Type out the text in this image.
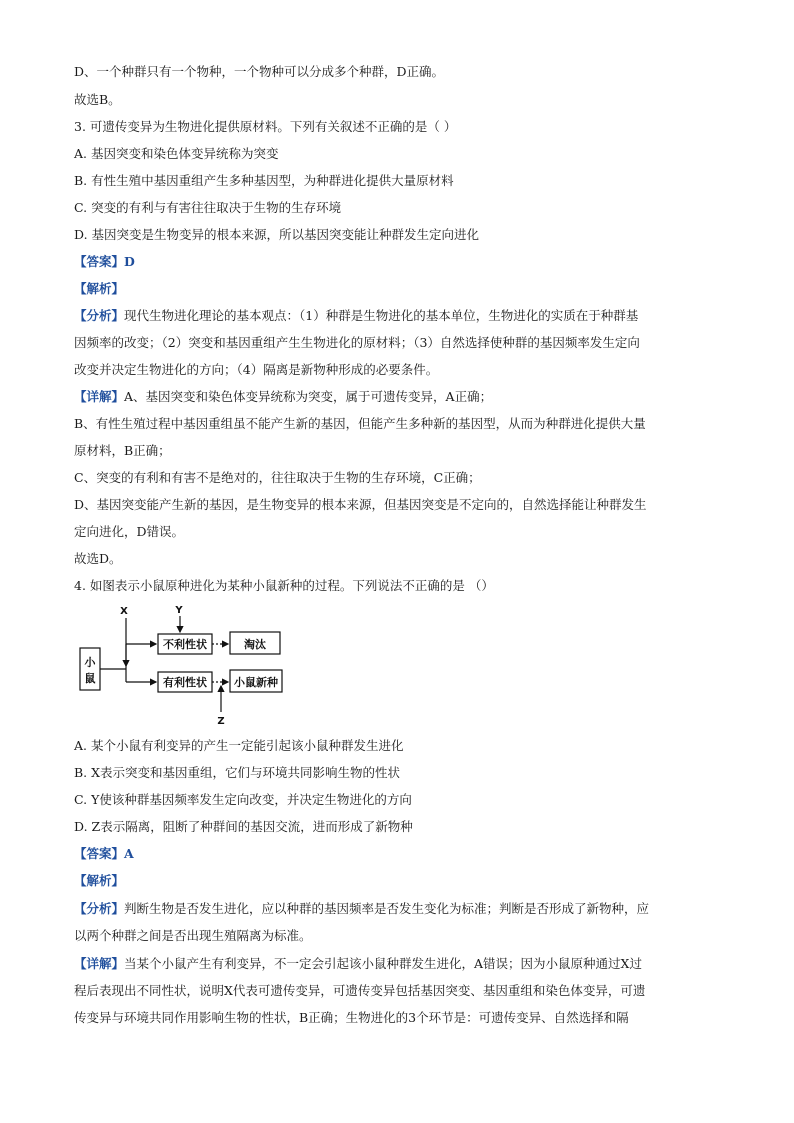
D、一个种群只有一个物种，一个物种可以分成多个种群，D正确。
故选B。
3. 可遗传变异为生物进化提供原材料。下列有关叙述不正确的是（ ）
A. 基因突变和染色体变异统称为突变
B. 有性生殖中基因重组产生多种基因型，为种群进化提供大量原材料
C. 突变的有利与有害往往取决于生物的生存环境
D. 基因突变是生物变异的根本来源，所以基因突变能让种群发生定向进化
【答案】D
【解析】
【分析】现代生物进化理论的基本观点：（1）种群是生物进化的基本单位，生物进化的实质在于种群基
因频率的改变；（2）突变和基因重组产生生物进化的原材料；（3）自然选择使种群的基因频率发生定向
改变并决定生物进化的方向；（4）隔离是新物种形成的必要条件。
【详解】A、基因突变和染色体变异统称为突变，属于可遗传变异，A正确；
B、有性生殖过程中基因重组虽不能产生新的基因，但能产生多种新的基因型，从而为种群进化提供大量
原材料，B正确；
C、突变的有利和有害不是绝对的，往往取决于生物的生存环境，C正确；
D、基因突变能产生新的基因，是生物变异的根本来源，但基因突变是不定向的，自然选择能让种群发生
定向进化，D错误。
故选D。
4. 如图表示小鼠原种进化为某种小鼠新种的过程。下列说法不正确的是 （）
小
鼠
X
不利性状
Y
淘汰
有利性状 小鼠新种
Z
A. 某个小鼠有利变异的产生一定能引起该小鼠种群发生进化
B. X表示突变和基因重组，它们与环境共同影响生物的性状
C. Y使该种群基因频率发生定向改变，并决定生物进化的方向
D. Z表示隔离，阻断了种群间的基因交流，进而形成了新物种
【答案】A
【解析】
【分析】判断生物是否发生进化，应以种群的基因频率是否发生变化为标准；判断是否形成了新物种，应
以两个种群之间是否出现生殖隔离为标准。
【详解】当某个小鼠产生有利变异，不一定会引起该小鼠种群发生进化，A错误；因为小鼠原种通过X过
程后表现出不同性状，说明X代表可遗传变异，可遗传变异包括基因突变、基因重组和染色体变异，可遗
传变异与环境共同作用影响生物的性状，B正确；生物进化的3个环节是：可遗传变异、自然选择和隔
